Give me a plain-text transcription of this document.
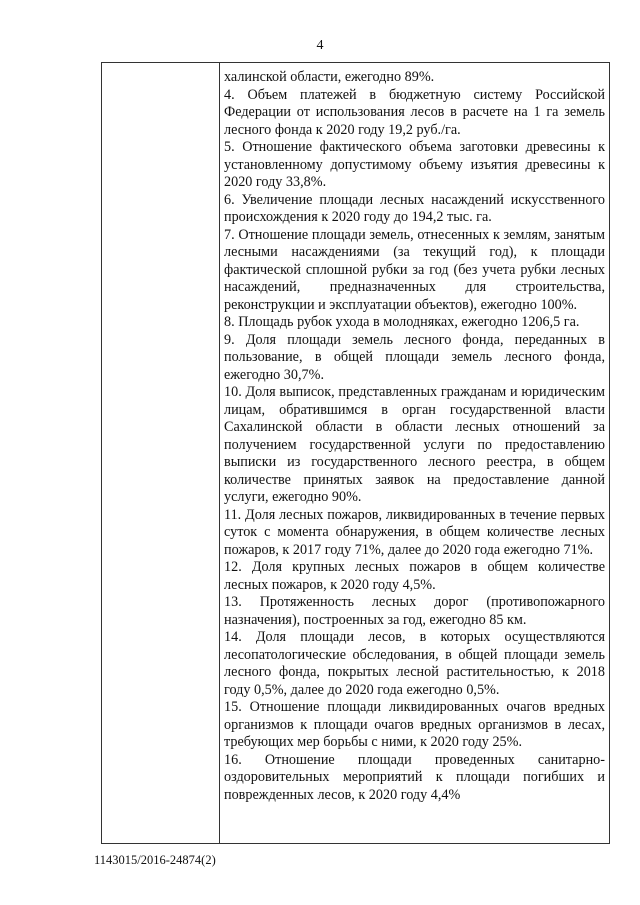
4

халинской области, ежегодно 89%.

4. Объем платежей в бюджетную систему Российской Федерации от использования лесов в расчете на 1 га земель лесного фонда к 2020 году 19,2 руб./га.

5. Отношение фактического объема заготовки древесины к установленному допустимому объему изъятия древесины к 2020 году 33,8%.

6. Увеличение площади лесных насаждений искусственного происхождения к 2020 году до 194,2 тыс. га.

7. Отношение площади земель, отнесенных к землям, занятым лесными насаждениями (за текущий год), к площади фактической сплошной рубки за год (без учета рубки лесных насаждений, предназначенных для строительства, реконструкции и эксплуатации объектов), ежегодно 100%.

8. Площадь рубок ухода в молодняках, ежегодно 1206,5 га.

9. Доля площади земель лесного фонда, переданных в пользование, в общей площади земель лесного фонда, ежегодно 30,7%.

10. Доля выписок, представленных гражданам и юридическим лицам, обратившимся в орган государственной власти Сахалинской области в области лесных отношений за получением государственной услуги по предоставлению выписки из государственного лесного реестра, в общем количестве принятых заявок на предоставление данной услуги, ежегодно 90%.

11. Доля лесных пожаров, ликвидированных в течение первых суток с момента обнаружения, в общем количестве лесных пожаров, к 2017 году 71%, далее до 2020 года ежегодно 71%.

12. Доля крупных лесных пожаров в общем количестве лесных пожаров, к 2020 году 4,5%.

13. Протяженность лесных дорог (противопожарного назначения), построенных за год, ежегодно 85 км.

14. Доля площади лесов, в которых осуществляются лесопатологические обследования, в общей площади земель лесного фонда, покрытых лесной растительностью, к 2018 году 0,5%, далее до 2020 года ежегодно 0,5%.

15. Отношение площади ликвидированных очагов вредных организмов к площади очагов вредных организмов в лесах, требующих мер борьбы с ними, к 2020 году 25%.

16. Отношение площади проведенных санитарно-оздоровительных мероприятий к площади погибших и поврежденных лесов, к 2020 году 4,4%

1143015/2016-24874(2)
